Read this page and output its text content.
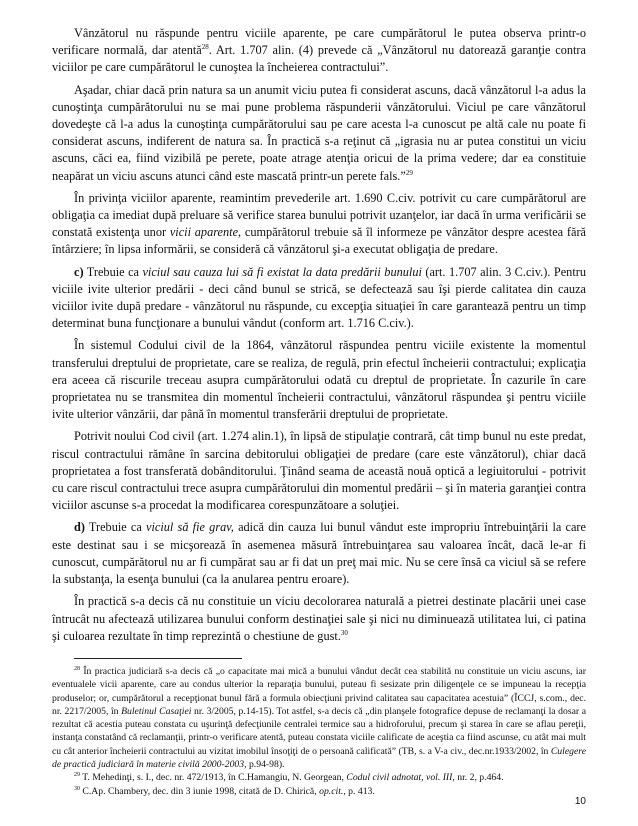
Vânzătorul nu răspunde pentru viciile aparente, pe care cumpărătorul le putea observa printr-o verificare normală, dar atentă$^{28}$. Art. 1.707 alin. (4) prevede că „Vânzătorul nu datorează garanţie contra viciilor pe care cumpărătorul le cunoştea la încheierea contractului”.

Aşadar, chiar dacă prin natura sa un anumit viciu putea fi considerat ascuns, dacă vânzătorul l-a adus la cunoştinţa cumpărătorului nu se mai pune problema răspunderii vânzătorului. Viciul pe care vânzătorul dovedeşte că l-a adus la cunoştinţa cumpărătorului sau pe care acesta l-a cunoscut pe altă cale nu poate fi considerat ascuns, indiferent de natura sa. În practică s-a reţinut că „igrasia nu ar putea constitui un viciu ascuns, căci ea, fiind vizibilă pe perete, poate atrage atenţia oricui de la prima vedere; dar ea constituie neapărat un viciu ascuns atunci când este mascată printr-un perete fals.”$^{29}$

În privinţa viciilor aparente, reamintim prevederile art. 1.690 C.civ. potrivit cu care cumpărătorul are obligaţia ca imediat după preluare să verifice starea bunului potrivit uzanţelor, iar dacă în urma verificării se constată existenţa unor vicii aparente, cumpărătorul trebuie să îl informeze pe vânzător despre acestea fără întârziere; în lipsa informării, se consideră că vânzătorul şi-a executat obligaţia de predare.

c) Trebuie ca viciul sau cauza lui să fi existat la data predării bunului (art. 1.707 alin. 3 C.civ.). Pentru viciile ivite ulterior predării - deci când bunul se strică, se defectează sau îşi pierde calitatea din cauza viciilor ivite după predare - vânzătorul nu răspunde, cu excepţia situaţiei în care garantează pentru un timp determinat buna funcţionare a bunului vândut (conform art. 1.716 C.civ.).

În sistemul Codului civil de la 1864, vânzătorul răspundea pentru viciile existente la momentul transferului dreptului de proprietate, care se realiza, de regulă, prin efectul încheierii contractului; explicaţia era aceea că riscurile treceau asupra cumpărătorului odată cu dreptul de proprietate. În cazurile în care proprietatea nu se transmitea din momentul încheierii contractului, vânzătorul răspundea şi pentru viciile ivite ulterior vânzării, dar până în momentul transferării dreptului de proprietate.

Potrivit noului Cod civil (art. 1.274 alin.1), în lipsă de stipulaţie contrară, cât timp bunul nu este predat, riscul contractului rămâne în sarcina debitorului obligaţiei de predare (care este vânzătorul), chiar dacă proprietatea a fost transferată dobânditorului. Ţinând seama de această nouă optică a legiuitorului - potrivit cu care riscul contractului trece asupra cumpărătorului din momentul predării – şi în materia garanţiei contra viciilor ascunse s-a procedat la modificarea corespunzătoare a soluţiei.

d) Trebuie ca viciul să fie grav, adică din cauza lui bunul vândut este impropriu întrebuinţării la care este destinat sau i se micşorează în asemenea măsură întrebuinţarea sau valoarea încât, dacă le-ar fi cunoscut, cumpărătorul nu ar fi cumpărat sau ar fi dat un preţ mai mic. Nu se cere însă ca viciul să se refere la substanţa, la esenţa bunului (ca la anularea pentru eroare).

În practică s-a decis că nu constituie un viciu decolorarea naturală a pietrei destinate placării unei case întrucât nu afectează utilizarea bunului conform destinaţiei sale şi nici nu diminuează utilitatea lui, ci patina şi culoarea rezultate în timp reprezintă o chestiune de gust.$^{30}$

$^{28}$ În practica judiciară s-a decis că „o capacitate mai mică a bunului vândut decât cea stabilită nu constituie un viciu ascuns, iar eventualele vicii aparente, care au condus ulterior la reparaţia bunului, puteau fi sesizate prin diligenţele ce se impuneau la recepţia produselor; or, cumpărătorul a recepţionat bunul fără a formula obiecţiuni privind calitatea sau capacitatea acestuia” (ÎCCJ, s.com., dec. nr. 2217/2005, în Buletinul Casaţiei nr. 3/2005, p.14-15). Tot astfel, s-a decis că „din planşele fotografice depuse de reclamanţi la dosar a rezultat că acestia puteau constata cu uşurinţă defecţiunile centralei termice sau a hidroforului, precum şi starea în care se aflau pereţii, instanţa constatând că reclamanţii, printr-o verificare atentă, puteau constata viciile calificate de aceştia ca fiind ascunse, cu atât mai mult cu cât anterior încheierii contractului au vizitat imobilul însoţiţi de o persoană calificată” (TB, s. a V-a civ., dec.nr.1933/2002, în Culegere de practică judiciară în materie civilă 2000-2003, p.94-98).

$^{29}$ T. Mehedinţi, s. I., dec. nr. 472/1913, în C.Hamangiu, N. Georgean, Codul civil adnotat, vol. III, nr. 2, p.464.

$^{30}$ C.Ap. Chambery, dec. din 3 iunie 1998, citată de D. Chirică, op.cit., p. 413.

10
